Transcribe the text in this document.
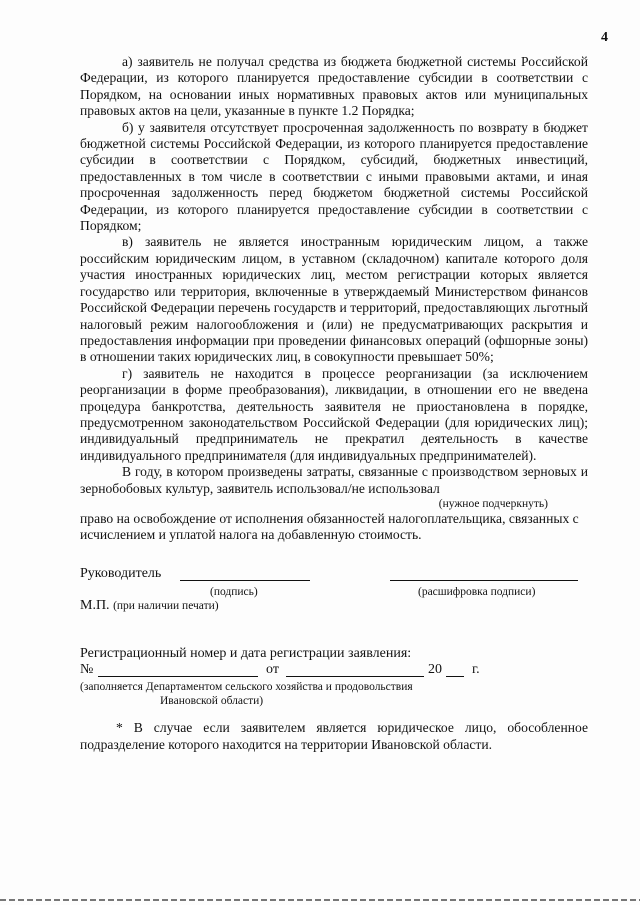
4

а) заявитель не получал средства из бюджета бюджетной системы Российской Федерации, из которого планируется предоставление субсидии в соответствии с Порядком, на основании иных нормативных правовых актов или муниципальных правовых актов на цели, указанные в пункте 1.2 Порядка;

б) у заявителя отсутствует просроченная задолженность по возврату в бюджет бюджетной системы Российской Федерации, из которого планируется предоставление субсидии в соответствии с Порядком, субсидий, бюджетных инвестиций, предоставленных в том числе в соответствии с иными правовыми актами, и иная просроченная задолженность перед бюджетом бюджетной системы Российской Федерации, из которого планируется предоставление субсидии в соответствии с Порядком;

в) заявитель не является иностранным юридическим лицом, а также российским юридическим лицом, в уставном (складочном) капитале которого доля участия иностранных юридических лиц, местом регистрации которых является государство или территория, включенные в утверждаемый Министерством финансов Российской Федерации перечень государств и территорий, предоставляющих льготный налоговый режим налогообложения и (или) не предусматривающих раскрытия и предоставления информации при проведении финансовых операций (офшорные зоны) в отношении таких юридических лиц, в совокупности превышает 50%;

г) заявитель не находится в процессе реорганизации (за исключением реорганизации в форме преобразования), ликвидации, в отношении его не введена процедура банкротства, деятельность заявителя не приостановлена в порядке, предусмотренном законодательством Российской Федерации (для юридических лиц); индивидуальный предприниматель не прекратил деятельность в качестве индивидуального предпринимателя (для индивидуальных предпринимателей).

В году, в котором произведены затраты, связанные с производством зерновых и зернобобовых культур, заявитель использовал/не использовал

(нужное подчеркнуть)

право на освобождение от исполнения обязанностей налогоплательщика, связанных с исчислением и уплатой налога на добавленную стоимость.

Руководитель
(подпись)	(расшифровка подписи)
М.П. (при наличии печати)
Регистрационный номер и дата регистрации заявления:
№	от	20 г.
(заполняется Департаментом сельского хозяйства и продовольствия
Ивановской области)

* В случае если заявителем является юридическое лицо, обособленное подразделение которого находится на территории Ивановской области.
